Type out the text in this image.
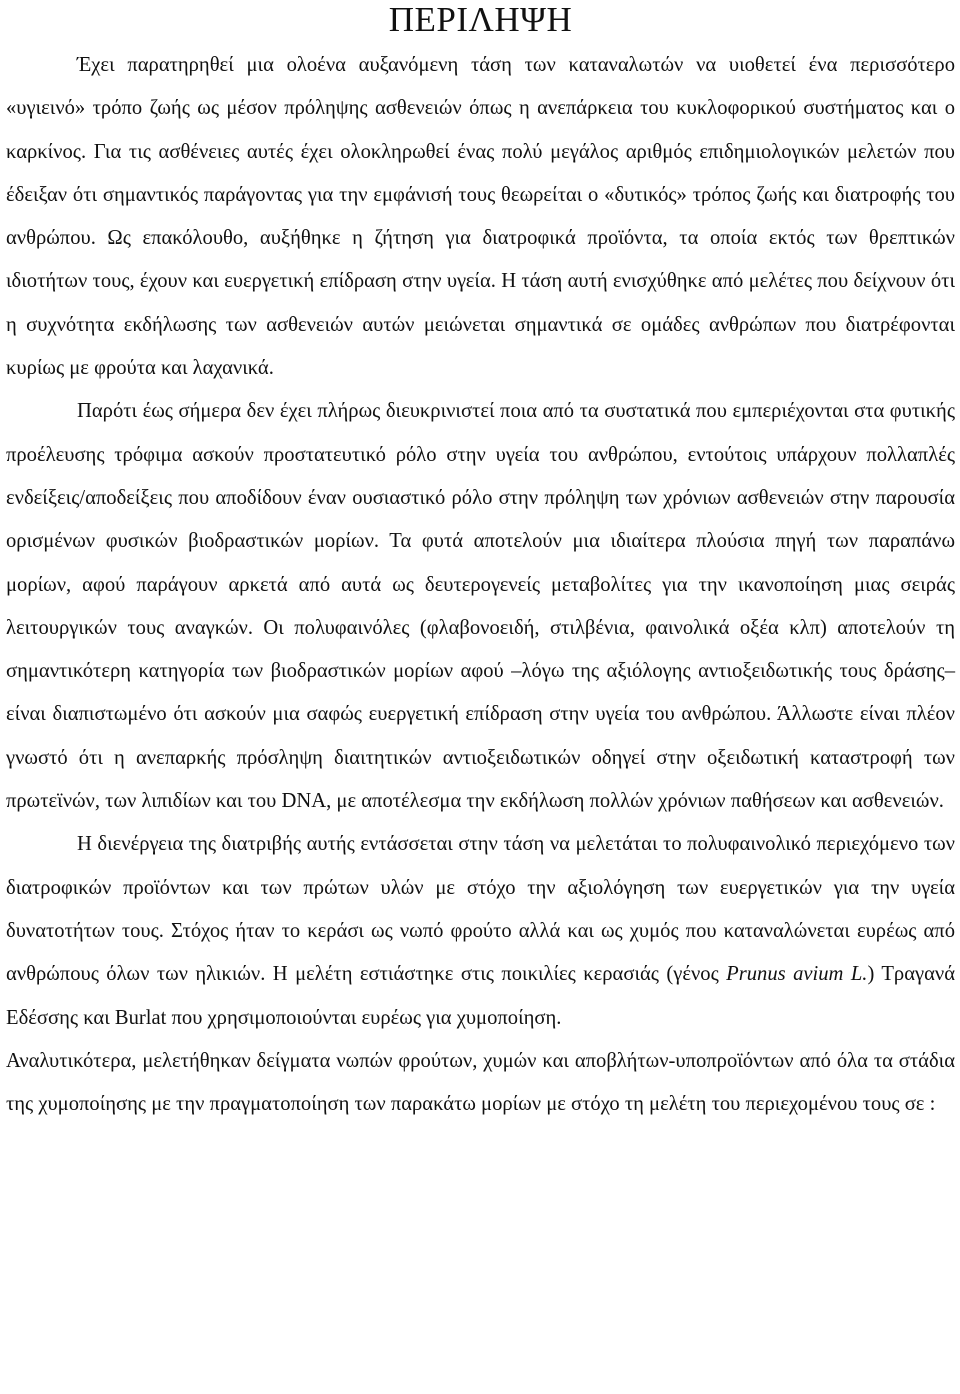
ΠΕΡΙΛΗΨΗ

Έχει παρατηρηθεί μια ολοένα αυξανόμενη τάση των καταναλωτών να υιοθετεί ένα περισσότερο «υγιεινό» τρόπο ζωής ως μέσον πρόληψης ασθενειών όπως η ανεπάρκεια του κυκλοφορικού συστήματος και ο καρκίνος. Για τις ασθένειες αυτές έχει ολοκληρωθεί ένας πολύ μεγάλος αριθμός επιδημιολογικών μελετών που έδειξαν ότι σημαντικός παράγοντας για την εμφάνισή τους θεωρείται ο «δυτικός» τρόπος ζωής και διατροφής του ανθρώπου. Ως επακόλουθο, αυξήθηκε η ζήτηση για διατροφικά προϊόντα, τα οποία εκτός των θρεπτικών ιδιοτήτων τους, έχουν και ευεργετική επίδραση στην υγεία. Η τάση αυτή ενισχύθηκε από μελέτες που δείχνουν ότι η συχνότητα εκδήλωσης των ασθενειών αυτών μειώνεται σημαντικά σε ομάδες ανθρώπων που διατρέφονται κυρίως με φρούτα και λαχανικά.

Παρότι έως σήμερα δεν έχει πλήρως διευκρινιστεί ποια από τα συστατικά που εμπεριέχονται στα φυτικής προέλευσης τρόφιμα ασκούν προστατευτικό ρόλο στην υγεία του ανθρώπου, εντούτοις υπάρχουν πολλαπλές ενδείξεις/αποδείξεις που αποδίδουν έναν ουσιαστικό ρόλο στην πρόληψη των χρόνιων ασθενειών στην παρουσία ορισμένων φυσικών βιοδραστικών μορίων. Τα φυτά αποτελούν μια ιδιαίτερα πλούσια πηγή των παραπάνω μορίων, αφού παράγουν αρκετά από αυτά ως δευτερογενείς μεταβολίτες για την ικανοποίηση μιας σειράς λειτουργικών τους αναγκών. Οι πολυφαινόλες (φλαβονοειδή, στιλβένια, φαινολικά οξέα κλπ) αποτελούν τη σημαντικότερη κατηγορία των βιοδραστικών μορίων αφού –λόγω της αξιόλογης αντιοξειδωτικής τους δράσης– είναι διαπιστωμένο ότι ασκούν μια σαφώς ευεργετική επίδραση στην υγεία του ανθρώπου. Άλλωστε είναι πλέον γνωστό ότι η ανεπαρκής πρόσληψη διαιτητικών αντιοξειδωτικών οδηγεί στην οξειδωτική καταστροφή των πρωτεϊνών, των λιπιδίων και του DNA, με αποτέλεσμα την εκδήλωση πολλών χρόνιων παθήσεων και ασθενειών.

Η διενέργεια της διατριβής αυτής εντάσσεται στην τάση να μελετάται το πολυφαινολικό περιεχόμενο των διατροφικών προϊόντων και των πρώτων υλών με στόχο την αξιολόγηση των ευεργετικών για την υγεία δυνατοτήτων τους. Στόχος ήταν το κεράσι ως νωπό φρούτο αλλά και ως χυμός που καταναλώνεται ευρέως από ανθρώπους όλων των ηλικιών. Η μελέτη εστιάστηκε στις ποικιλίες κερασιάς (γένος Prunus avium L.) Τραγανά Εδέσσης και Burlat που χρησιμοποιούνται ευρέως για χυμοποίηση.

Αναλυτικότερα, μελετήθηκαν δείγματα νωπών φρούτων, χυμών και αποβλήτων-υποπροϊόντων από όλα τα στάδια της χυμοποίησης με την πραγματοποίηση των παρακάτω μορίων με στόχο τη μελέτη του περιεχομένου τους σε :
